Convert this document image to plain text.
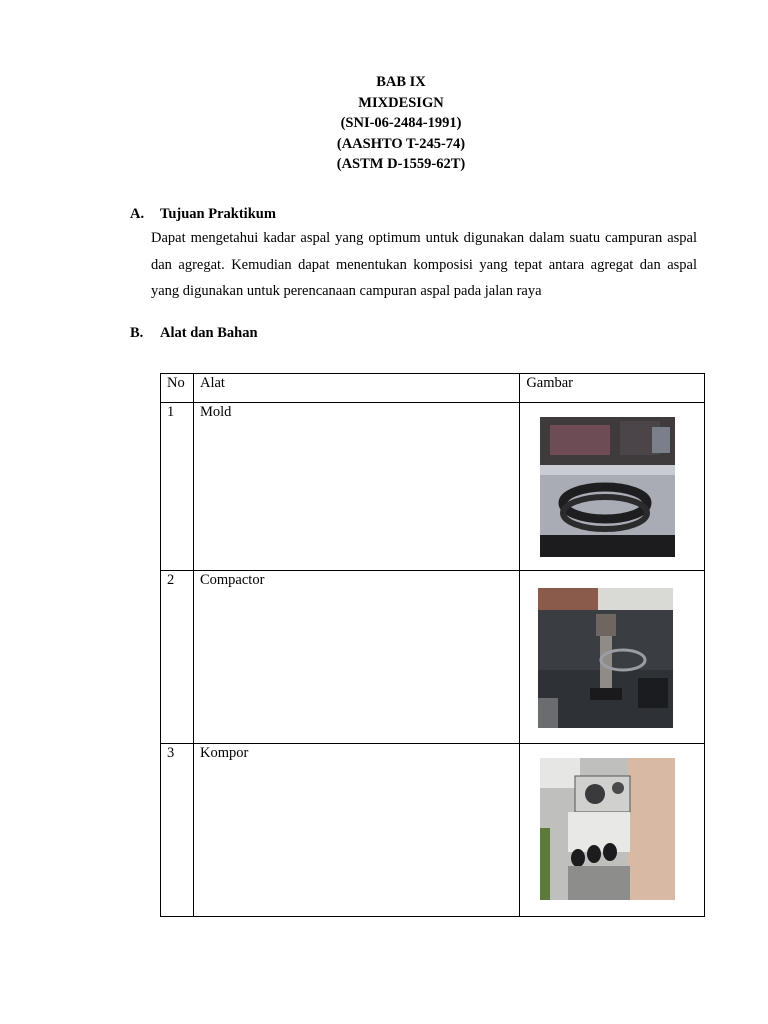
BAB IX
MIXDESIGN
(SNI-06-2484-1991)
(AASHTO T-245-74)
(ASTM D-1559-62T)
A. Tujuan Praktikum
Dapat mengetahui kadar aspal yang optimum untuk digunakan dalam suatu campuran aspal dan agregat. Kemudian dapat menentukan komposisi yang tepat antara agregat dan aspal yang digunakan untuk perencanaan campuran aspal pada jalan raya
B. Alat dan Bahan
No	Alat	Gambar
1	Mold	

2	Compactor	

3	Kompor	
